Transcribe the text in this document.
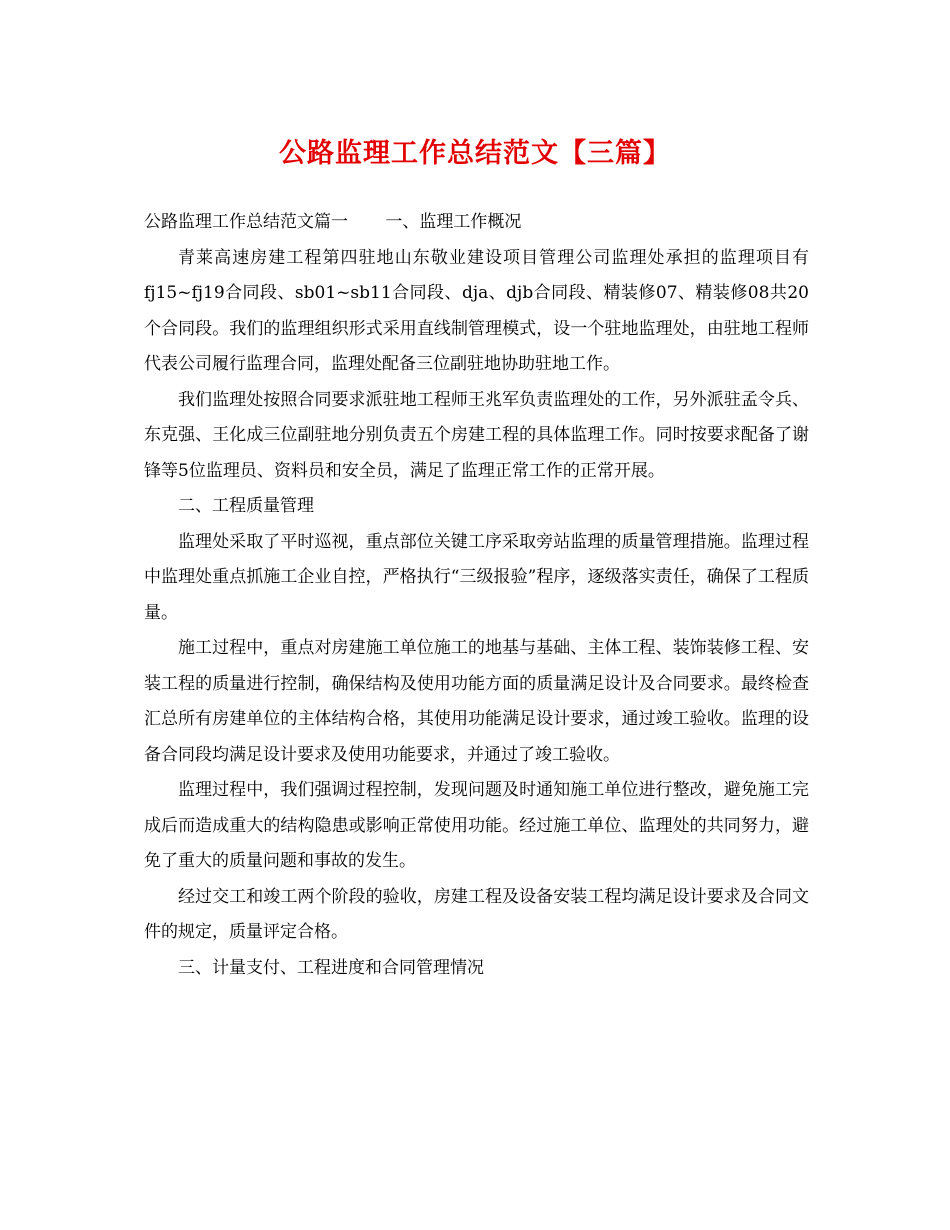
公路监理工作总结范文【三篇】

公路监理工作总结范文篇一 一、监理工作概况

青莱高速房建工程第四驻地山东敬业建设项目管理公司监理处承担的监理项目有fj15~fj19合同段、sb01~sb11合同段、dja、djb合同段、精装修07、精装修08共20个合同段。我们的监理组织形式采用直线制管理模式，设一个驻地监理处，由驻地工程师代表公司履行监理合同，监理处配备三位副驻地协助驻地工作。

我们监理处按照合同要求派驻地工程师王兆军负责监理处的工作，另外派驻孟令兵、东克强、王化成三位副驻地分别负责五个房建工程的具体监理工作。同时按要求配备了谢锋等5位监理员、资料员和安全员，满足了监理正常工作的正常开展。

二、工程质量管理

监理处采取了平时巡视，重点部位关键工序采取旁站监理的质量管理措施。监理过程中监理处重点抓施工企业自控，严格执行“三级报验”程序，逐级落实责任，确保了工程质量。

施工过程中，重点对房建施工单位施工的地基与基础、主体工程、装饰装修工程、安装工程的质量进行控制，确保结构及使用功能方面的质量满足设计及合同要求。最终检查汇总所有房建单位的主体结构合格，其使用功能满足设计要求，通过竣工验收。监理的设备合同段均满足设计要求及使用功能要求，并通过了竣工验收。

监理过程中，我们强调过程控制，发现问题及时通知施工单位进行整改，避免施工完成后而造成重大的结构隐患或影响正常使用功能。经过施工单位、监理处的共同努力，避免了重大的质量问题和事故的发生。

经过交工和竣工两个阶段的验收，房建工程及设备安装工程均满足设计要求及合同文件的规定，质量评定合格。

三、计量支付、工程进度和合同管理情况
